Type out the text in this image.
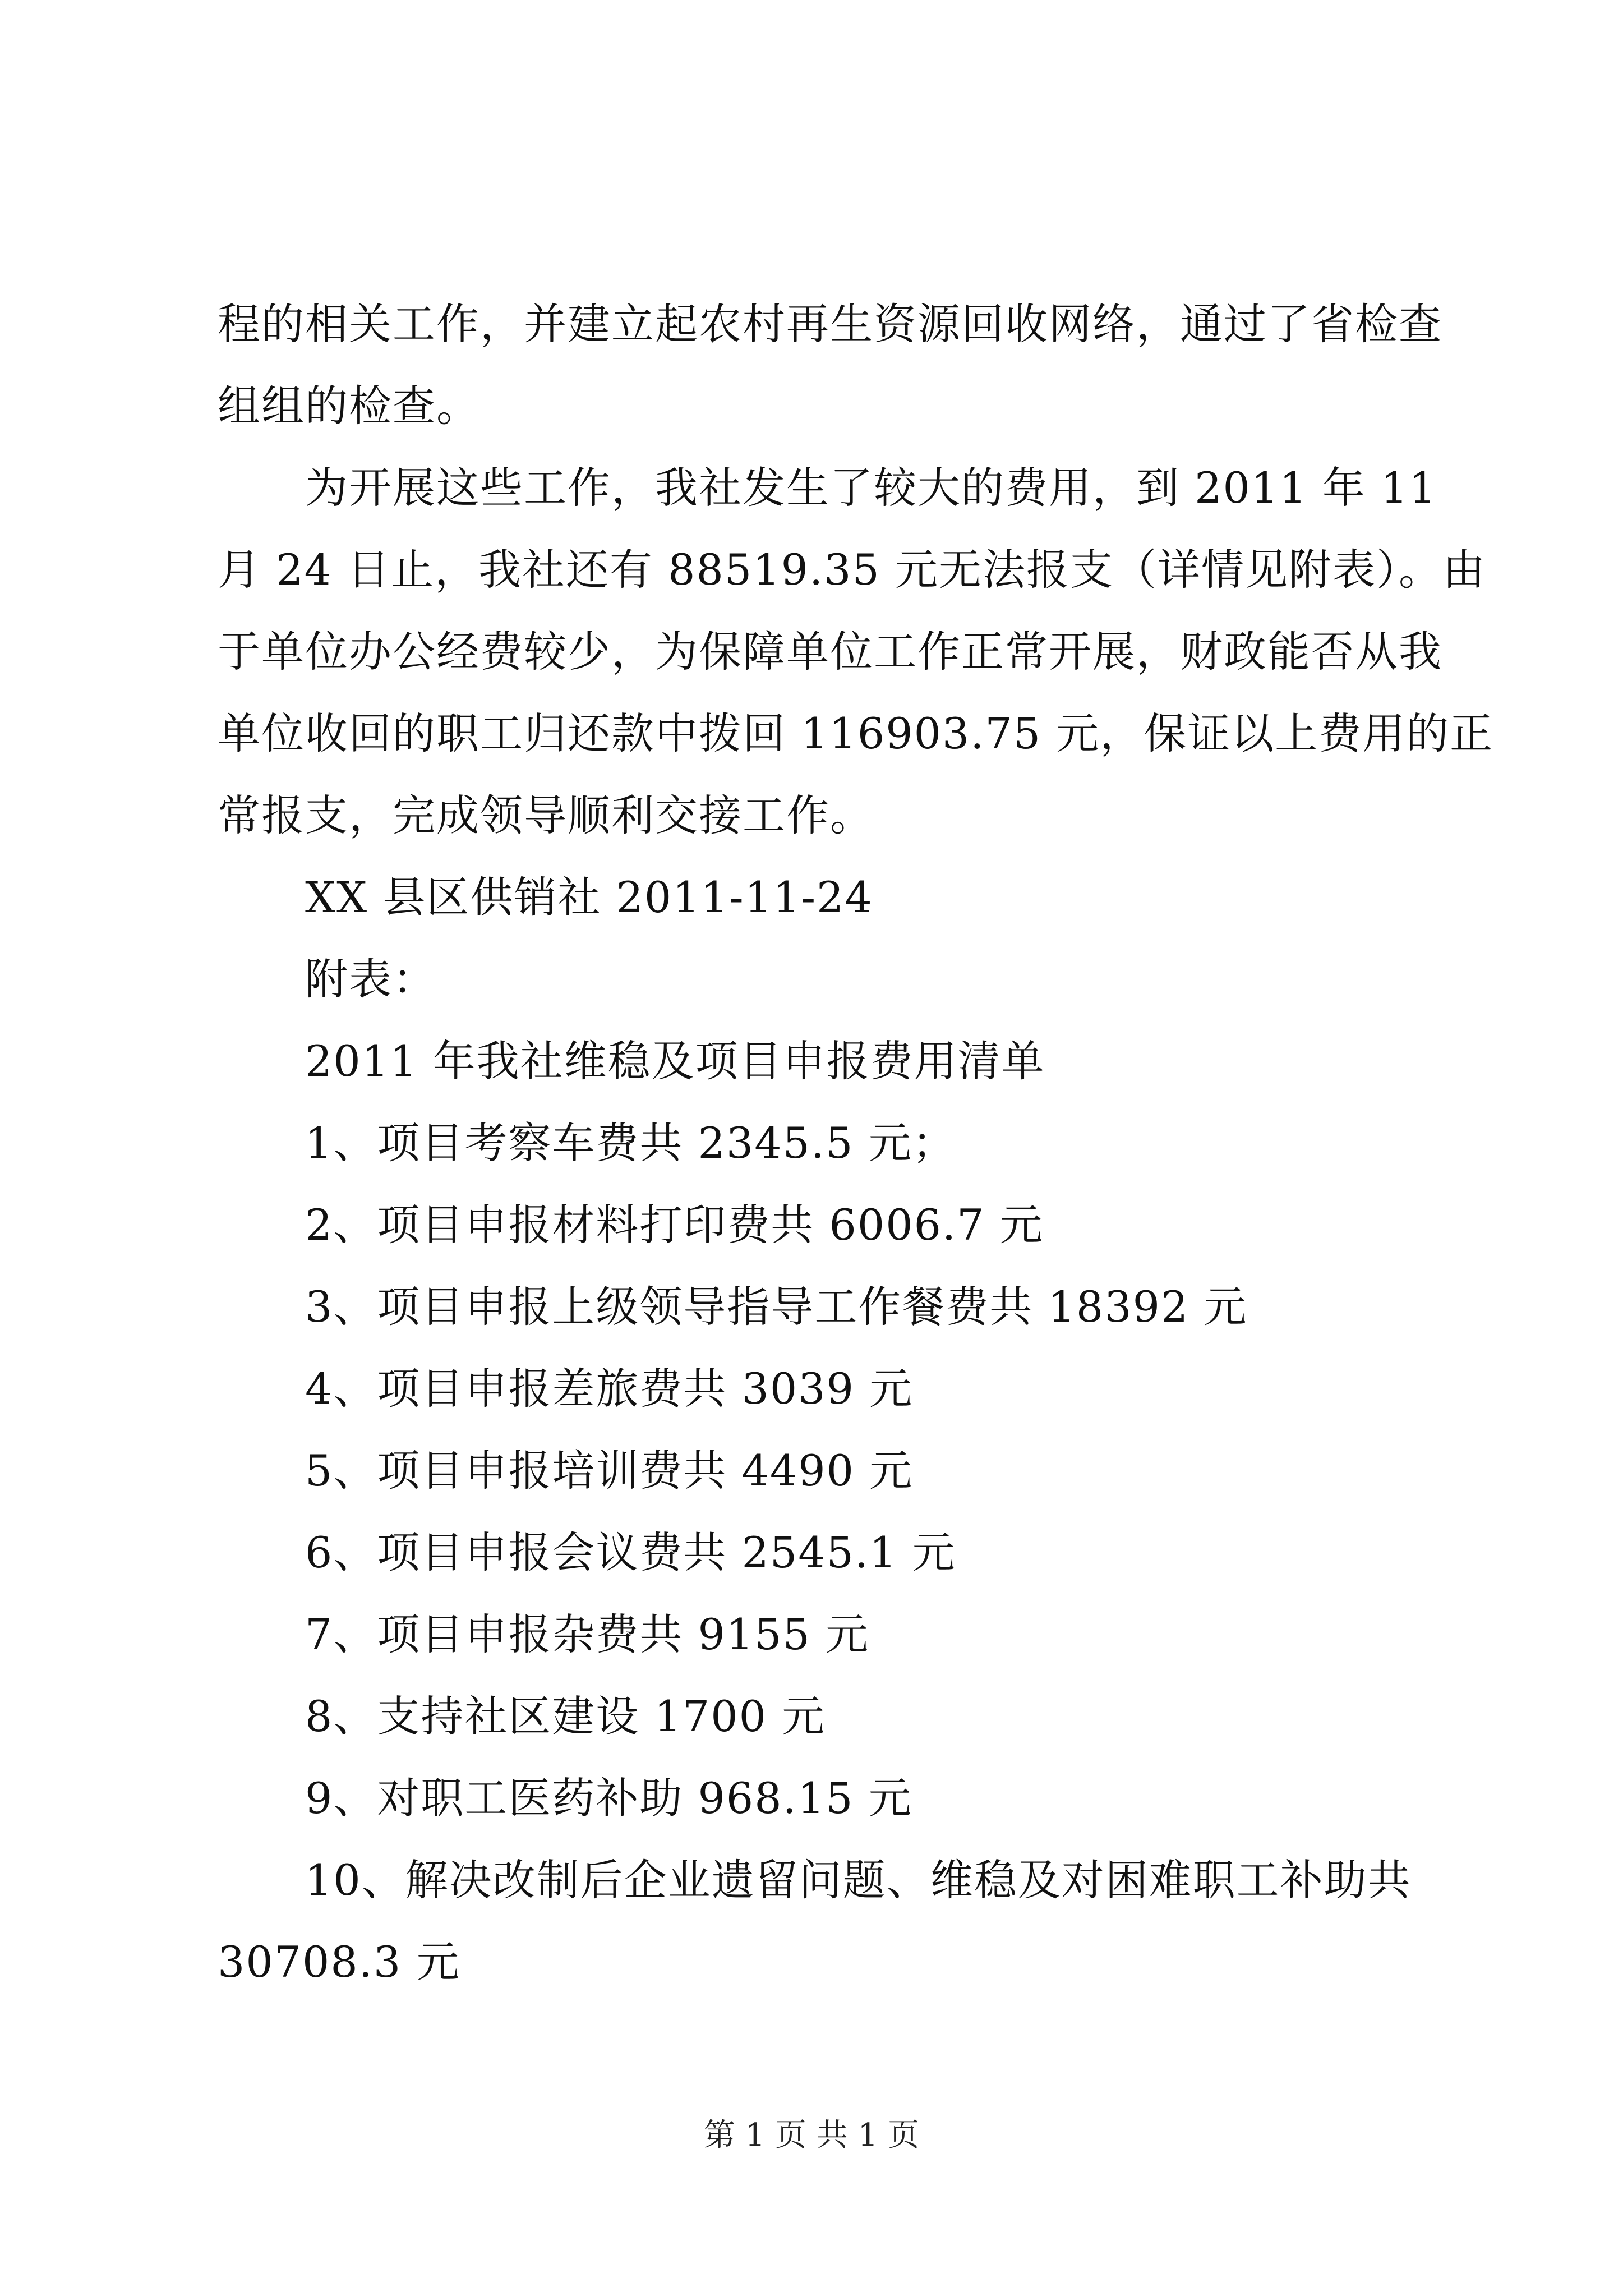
程的相关工作，并建立起农村再生资源回收网络，通过了省检查
组组的检查。
为开展这些工作，我社发生了较大的费用，到 2011 年 11
月 24 日止，我社还有 88519.35 元无法报支（详情见附表）。由
于单位办公经费较少，为保障单位工作正常开展，财政能否从我
单位收回的职工归还款中拨回 116903.75 元，保证以上费用的正
常报支，完成领导顺利交接工作。
XX 县区供销社 2011-11-24
附表：
2011 年我社维稳及项目申报费用清单
1、项目考察车费共 2345.5 元；
2、项目申报材料打印费共 6006.7 元
3、项目申报上级领导指导工作餐费共 18392 元
4、项目申报差旅费共 3039 元
5、项目申报培训费共 4490 元
6、项目申报会议费共 2545.1 元
7、项目申报杂费共 9155 元
8、支持社区建设 1700 元
9、对职工医药补助 968.15 元
10、解决改制后企业遗留问题、维稳及对困难职工补助共
30708.3 元
第 1 页 共 1 页
